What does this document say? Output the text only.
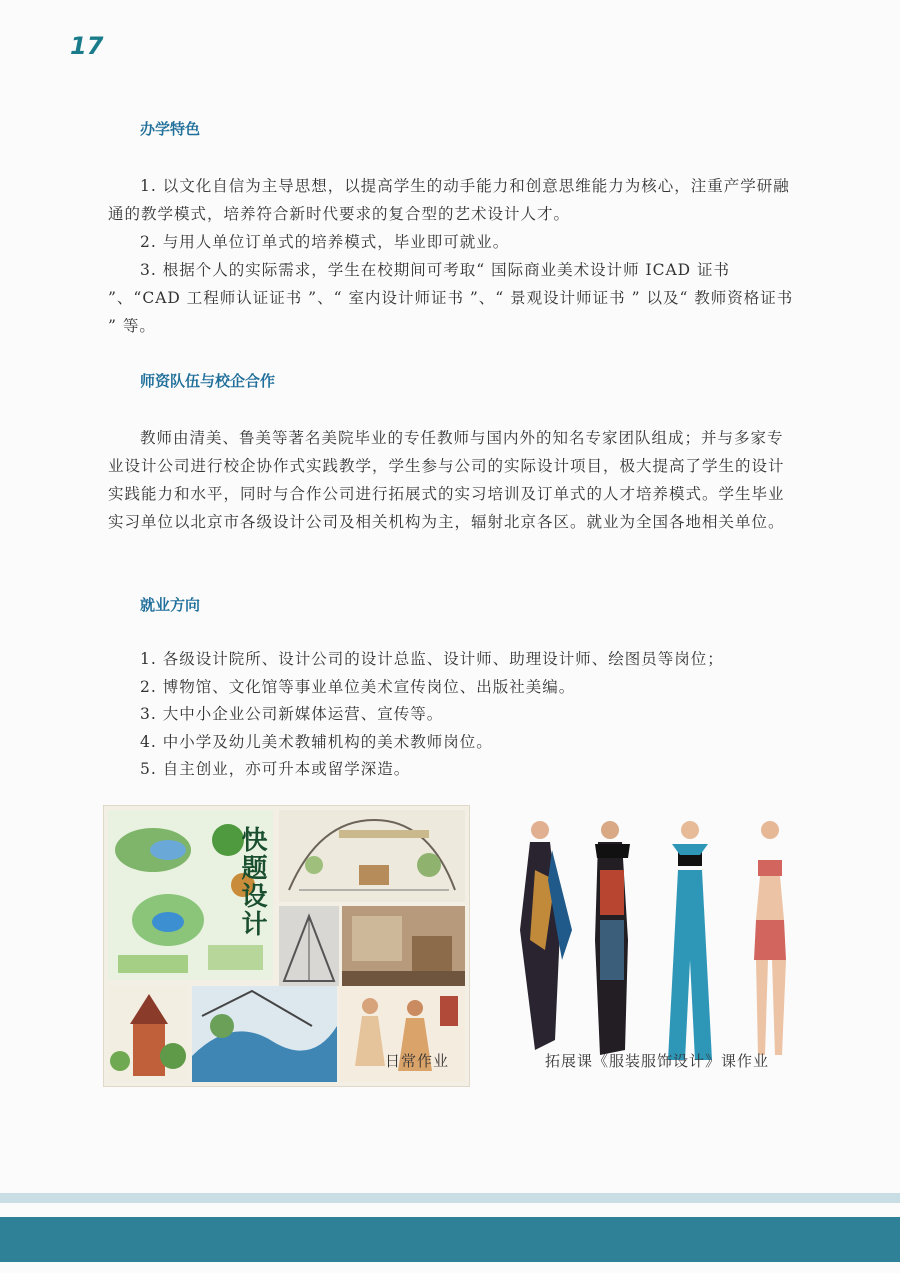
17
办学特色

1. 以文化自信为主导思想，以提高学生的动手能力和创意思维能力为核心，注重产学研融通的教学模式，培养符合新时代要求的复合型的艺术设计人才。

2. 与用人单位订单式的培养模式，毕业即可就业。

3. 根据个人的实际需求，学生在校期间可考取“ 国际商业美术设计师 ICAD 证书 ”、“CAD 工程师认证证书 ”、“ 室内设计师证书 ”、“ 景观设计师证书 ” 以及“ 教师资格证书 ” 等。

师资队伍与校企合作

教师由清美、鲁美等著名美院毕业的专任教师与国内外的知名专家团队组成；并与多家专业设计公司进行校企协作式实践教学，学生参与公司的实际设计项目，极大提高了学生的设计实践能力和水平，同时与合作公司进行拓展式的实习培训及订单式的人才培养模式。学生毕业实习单位以北京市各级设计公司及相关机构为主，辐射北京各区。就业为全国各地相关单位。

就业方向
1. 各级设计院所、设计公司的设计总监、设计师、助理设计师、绘图员等岗位；
2. 博物馆、文化馆等事业单位美术宣传岗位、出版社美编。
3. 大中小企业公司新媒体运营、宣传等。
4. 中小学及幼儿美术教辅机构的美术教师岗位。
5. 自主创业，亦可升本或留学深造。
快题设计
日常作业	拓展课《服装服饰设计》课作业
